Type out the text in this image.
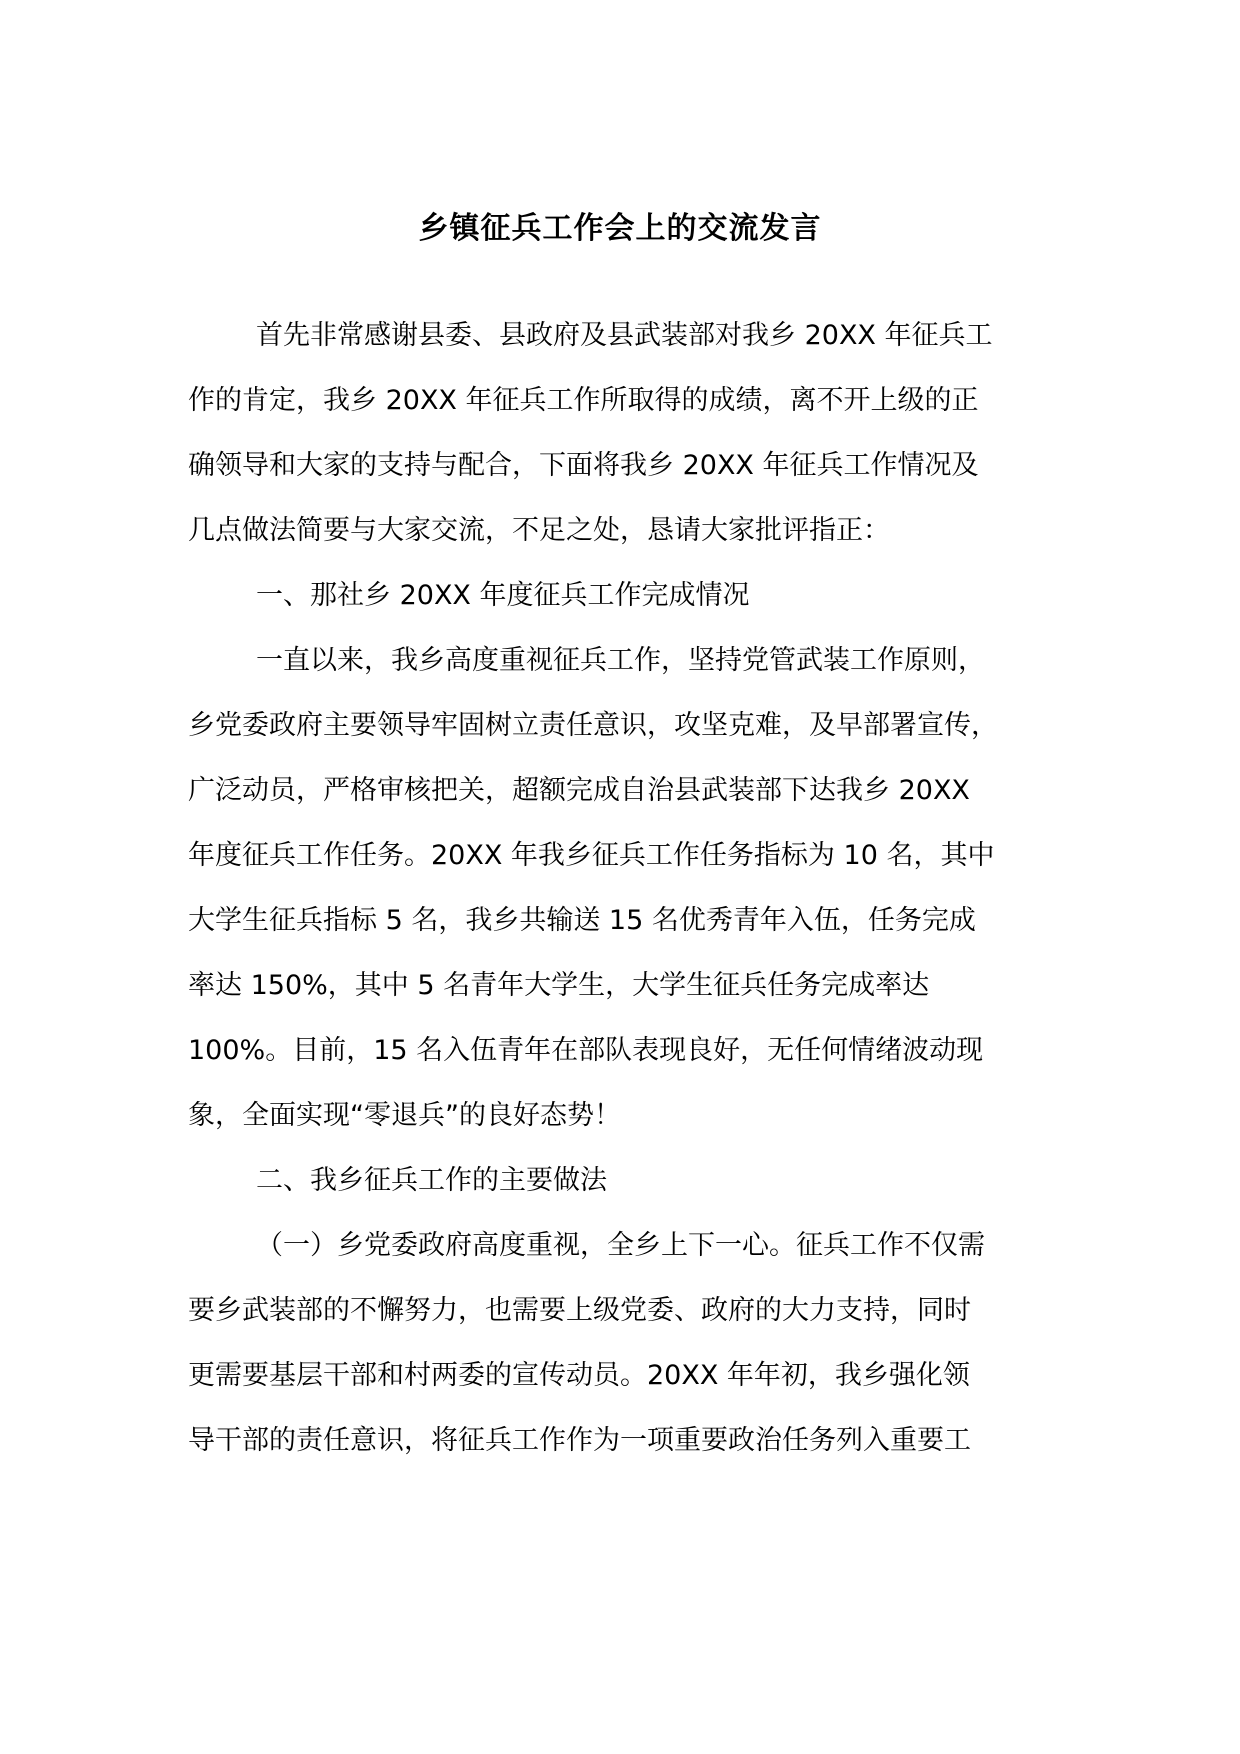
乡镇征兵工作会上的交流发言
首先非常感谢县委、县政府及县武装部对我乡 20XX 年征兵工
作的肯定，我乡 20XX 年征兵工作所取得的成绩，离不开上级的正
确领导和大家的支持与配合，下面将我乡 20XX 年征兵工作情况及
几点做法简要与大家交流，不足之处，恳请大家批评指正：
一、那社乡 20XX 年度征兵工作完成情况
一直以来，我乡高度重视征兵工作，坚持党管武装工作原则，
乡党委政府主要领导牢固树立责任意识，攻坚克难，及早部署宣传，
广泛动员，严格审核把关，超额完成自治县武装部下达我乡 20XX
年度征兵工作任务。20XX 年我乡征兵工作任务指标为 10 名，其中
大学生征兵指标 5 名，我乡共输送 15 名优秀青年入伍，任务完成
率达 150%，其中 5 名青年大学生，大学生征兵任务完成率达
100%。目前，15 名入伍青年在部队表现良好，无任何情绪波动现
象，全面实现“零退兵”的良好态势！
二、我乡征兵工作的主要做法
（一）乡党委政府高度重视，全乡上下一心。征兵工作不仅需
要乡武装部的不懈努力，也需要上级党委、政府的大力支持，同时
更需要基层干部和村两委的宣传动员。20XX 年年初，我乡强化领
导干部的责任意识，将征兵工作作为一项重要政治任务列入重要工
